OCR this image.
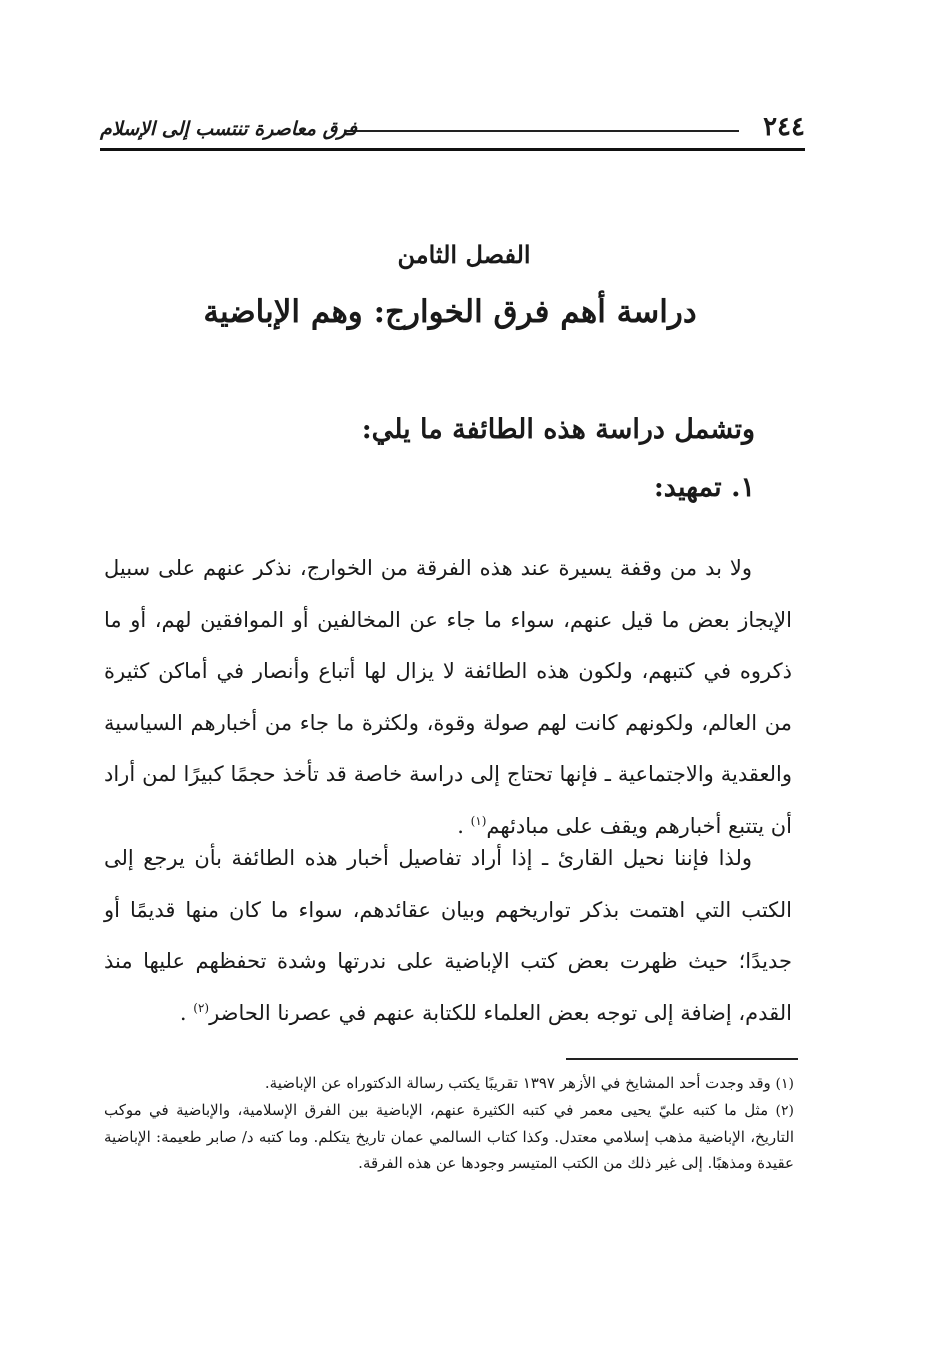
٢٤٤
فرق معاصرة تنتسب إلى الإسلام
الفصل الثامن
دراسة أهم فرق الخوارج: وهم الإباضية
وتشمل دراسة هذه الطائفة ما يلي:
١. تمهيد:

ولا بد من وقفة يسيرة عند هذه الفرقة من الخوارج، نذكر عنهم على سبيل الإيجاز بعض ما قيل عنهم، سواء ما جاء عن المخالفين أو الموافقين لهم، أو ما ذكروه في كتبهم، ولكون هذه الطائفة لا يزال لها أتباع وأنصار في أماكن كثيرة من العالم، ولكونهم كانت لهم صولة وقوة، ولكثرة ما جاء من أخبارهم السياسية والعقدية والاجتماعية ـ فإنها تحتاج إلى دراسة خاصة قد تأخذ حجمًا كبيرًا لمن أراد أن يتتبع أخبارهم ويقف على مبادئهم$^{(١)}$ .

ولذا فإننا نحيل القارئ ـ إذا أراد تفاصيل أخبار هذه الطائفة بأن يرجع إلى الكتب التي اهتمت بذكر تواريخهم وبيان عقائدهم، سواء ما كان منها قديمًا أو جديدًا؛ حيث ظهرت بعض كتب الإباضية على ندرتها وشدة تحفظهم عليها منذ القدم، إضافة إلى توجه بعض العلماء للكتابة عنهم في عصرنا الحاضر$^{(٢)}$ .

(١) وقد وجدت أحد المشايخ في الأزهر ١٣٩٧ تقريبًا يكتب رسالة الدكتوراه عن الإباضية.

(٢) مثل ما كتبه عليّ يحيى معمر في كتبه الكثيرة عنهم، الإباضية بين الفرق الإسلامية، والإباضية في موكب التاريخ، الإباضية مذهب إسلامي معتدل. وكذا كتاب السالمي عمان تاريخ يتكلم. وما كتبه د/ صابر طعيمة: الإباضية عقيدة ومذهبًا. إلى غير ذلك من الكتب المتيسر وجودها عن هذه الفرقة.
